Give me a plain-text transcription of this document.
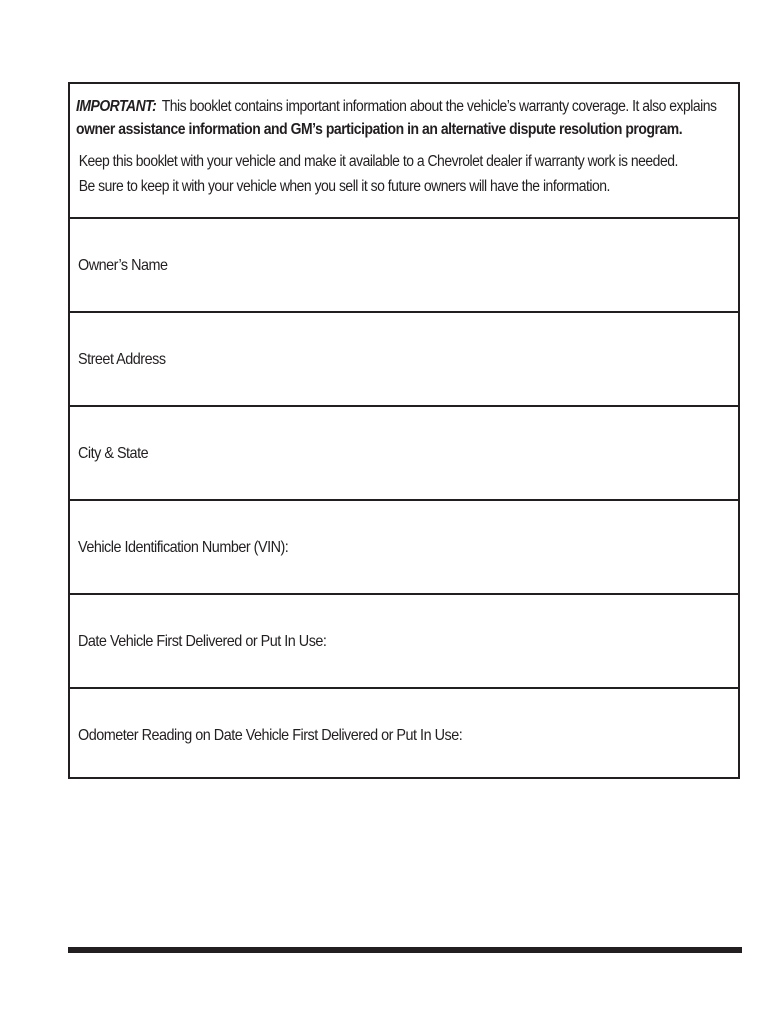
IMPORTANT: This booklet contains important information about the vehicle’s warranty coverage. It also explains
owner assistance information and GM’s participation in an alternative dispute resolution program.
Keep this booklet with your vehicle and make it available to a Chevrolet dealer if warranty work is needed.
Be sure to keep it with your vehicle when you sell it so future owners will have the information.
Owner’s Name
Street Address
City & State
Vehicle Identification Number (VIN):
Date Vehicle First Delivered or Put In Use:
Odometer Reading on Date Vehicle First Delivered or Put In Use:
